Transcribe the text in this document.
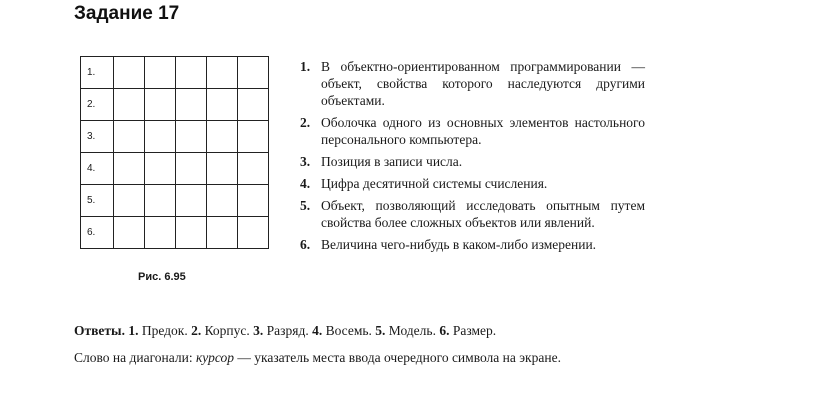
Задание 17
1.					
2.					
3.					
4.					
5.					
6.					
Рис. 6.95
1. В объектно-ориентированном программировании — объект, свойства которого наследуются другими объектами.
2. Оболочка одного из основных элементов настольного персонального компьютера.
3. Позиция в записи числа.
4. Цифра десятичной системы счисления.
5. Объект, позволяющий исследовать опытным путем свойства более сложных объектов или явлений.
6. Величина чего-нибудь в каком-либо измерении.
Ответы. 1. Предок. 2. Корпус. 3. Разряд. 4. Восемь. 5. Модель. 6. Размер.
Слово на диагонали: курсор — указатель места ввода очередного символа на экране.
